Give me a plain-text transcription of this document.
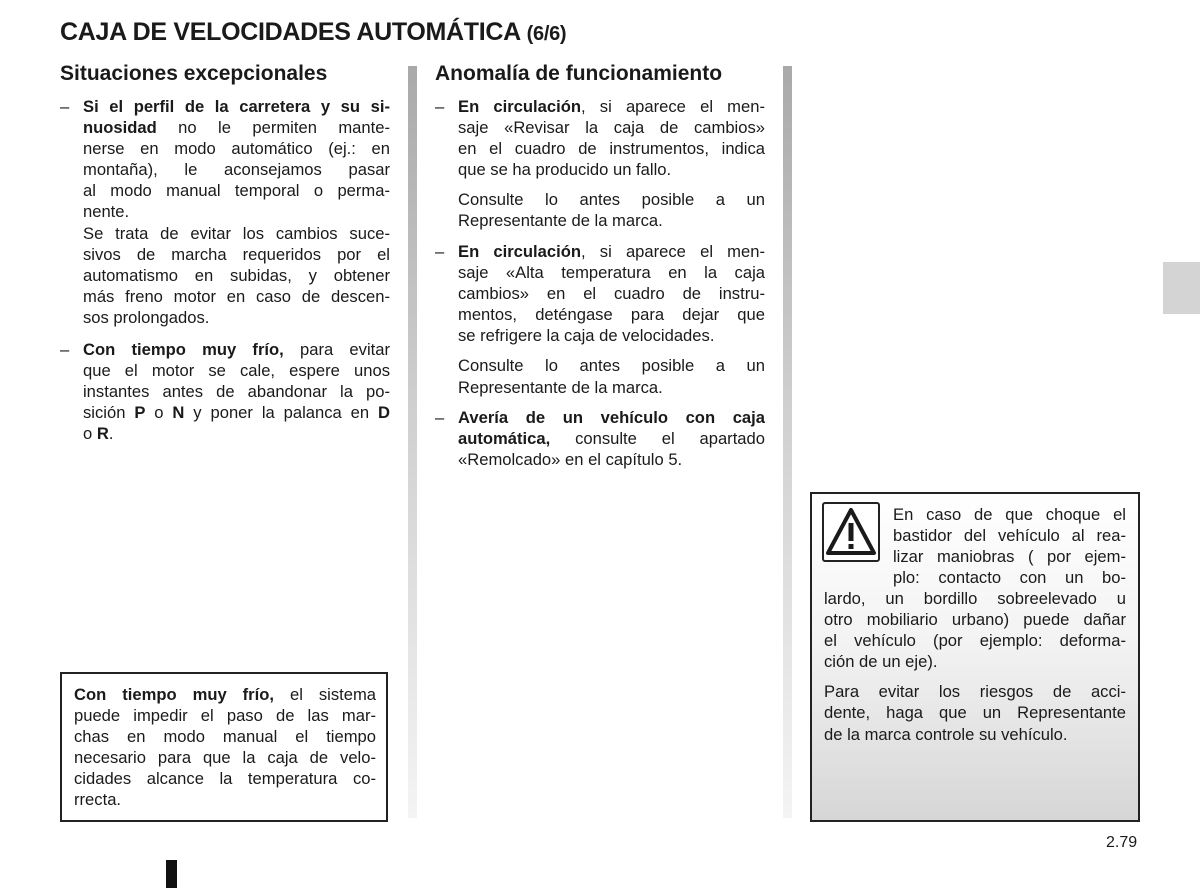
CAJA DE VELOCIDADES AUTOMÁTICA (6/6)
Situaciones excepcionales
– Si el perfil de la carretera y su si-
nuosidad no le permiten mante-
nerse en modo automático (ej.: en
montaña), le aconsejamos pasar
al modo manual temporal o perma-
nente.
Se trata de evitar los cambios suce-
sivos de marcha requeridos por el
automatismo en subidas, y obtener
más freno motor en caso de descen-
sos prolongados.
– Con tiempo muy frío, para evitar
que el motor se cale, espere unos
instantes antes de abandonar la po-
sición P o N y poner la palanca en D
o R.
Con tiempo muy frío, el sistema
puede impedir el paso de las mar-
chas en modo manual el tiempo
necesario para que la caja de velo-
cidades alcance la temperatura co-
rrecta.
Anomalía de funcionamiento
– En circulación, si aparece el men-
saje «Revisar la caja de cambios»
en el cuadro de instrumentos, indica
que se ha producido un fallo.
Consulte lo antes posible a un
Representante de la marca.
– En circulación, si aparece el men-
saje «Alta temperatura en la caja
cambios» en el cuadro de instru-
mentos, deténgase para dejar que
se refrigere la caja de velocidades.
Consulte lo antes posible a un
Representante de la marca.
– Avería de un vehículo con caja
automática, consulte el apartado
«Remolcado» en el capítulo 5.
En caso de que choque el
bastidor del vehículo al rea-
lizar maniobras ( por ejem-
plo: contacto con un bo-
lardo, un bordillo sobreelevado u
otro mobiliario urbano) puede dañar
el vehículo (por ejemplo: deforma-
ción de un eje).
Para evitar los riesgos de acci-
dente, haga que un Representante
de la marca controle su vehículo.
2.79
